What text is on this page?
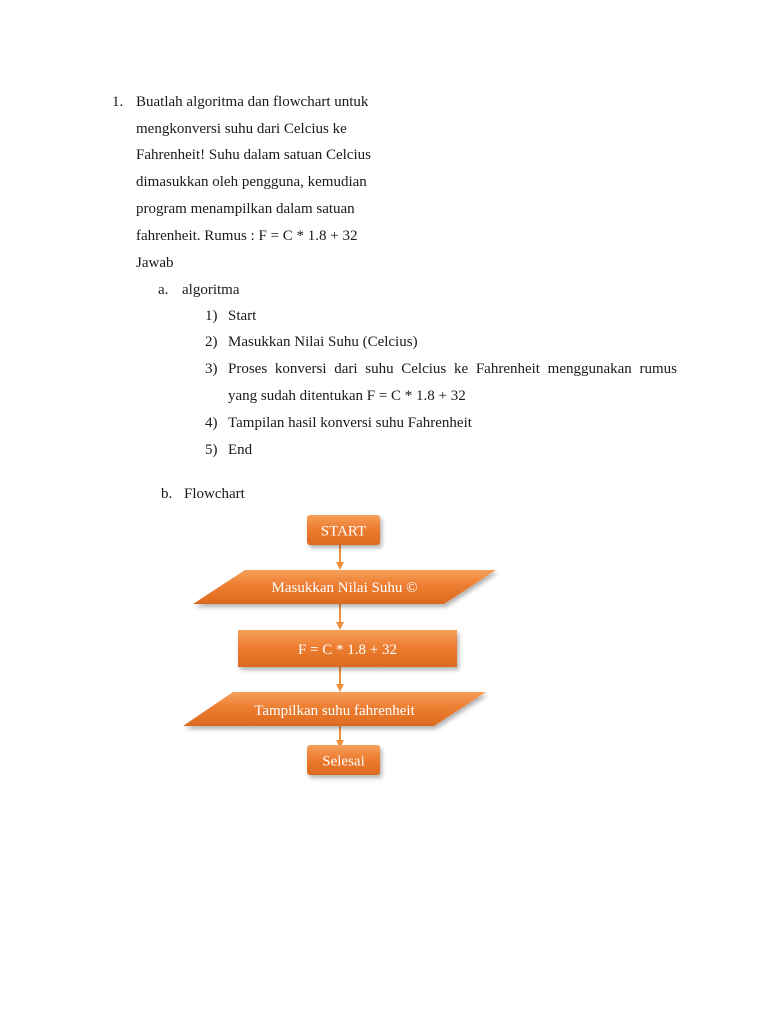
1. Buatlah algoritma dan flowchart untuk
mengkonversi suhu dari Celcius ke
Fahrenheit! Suhu dalam satuan Celcius
dimasukkan oleh pengguna, kemudian
program menampilkan dalam satuan
fahrenheit. Rumus : F = C * 1.8 + 32
Jawab
a. algoritma
1) Start
2) Masukkan Nilai Suhu (Celcius)
3) Proses konversi dari suhu Celcius ke Fahrenheit menggunakan rumus
yang sudah ditentukan F = C * 1.8 + 32
4) Tampilan hasil konversi suhu Fahrenheit
5) End
b. Flowchart
START
Masukkan Nilai Suhu ©
F = C * 1.8 + 32
Tampilkan suhu fahrenheit
Selesai
